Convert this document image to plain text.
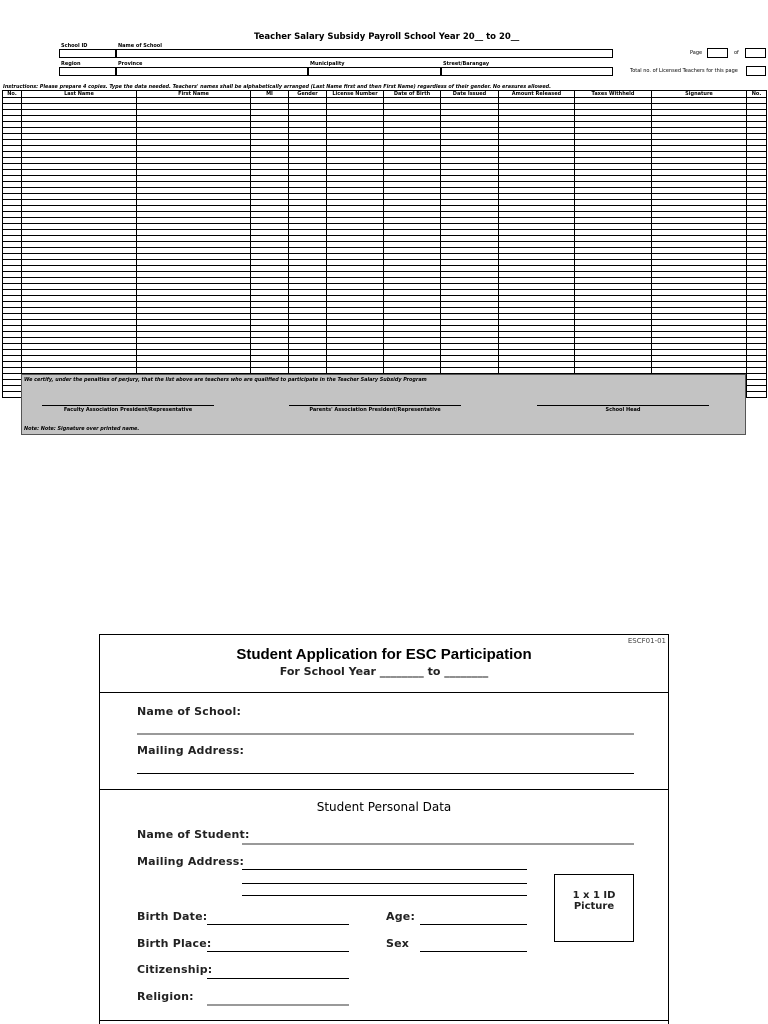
Teacher Salary Subsidy Payroll School Year 20__ to 20__
School ID	Name of School
Region	Province	Municipality	Street/Barangay
Page	of
Total no. of Licensed Teachers for this page
Instructions: Please prepare 4 copies. Type the data needed. Teachers' names shall be alphabetically arranged (Last Name first and then First Name) regardless of their gender. No erasures allowed.
No.	Last Name	First Name	MI	Gender	License Number	Date of Birth	Date Issued	Amount Released	Taxes Withheld	Signature	No.

We certify, under the penalties of perjury, that the list above are teachers who are qualified to participate in the Teacher Salary Subsidy Program
Faculty Association President/Representative	Parents' Association President/Representative	School Head
Note: Note: Signature over printed name.
ESCF01-01
Student Application for ESC Participation
For School Year ________ to ________
Name of School:
Mailing Address:
Student Personal Data
Name of Student:
Mailing Address:
1 x 1 ID Picture
Birth Date:	Age:
Birth Place:	Sex
Citizenship:
Religion:
